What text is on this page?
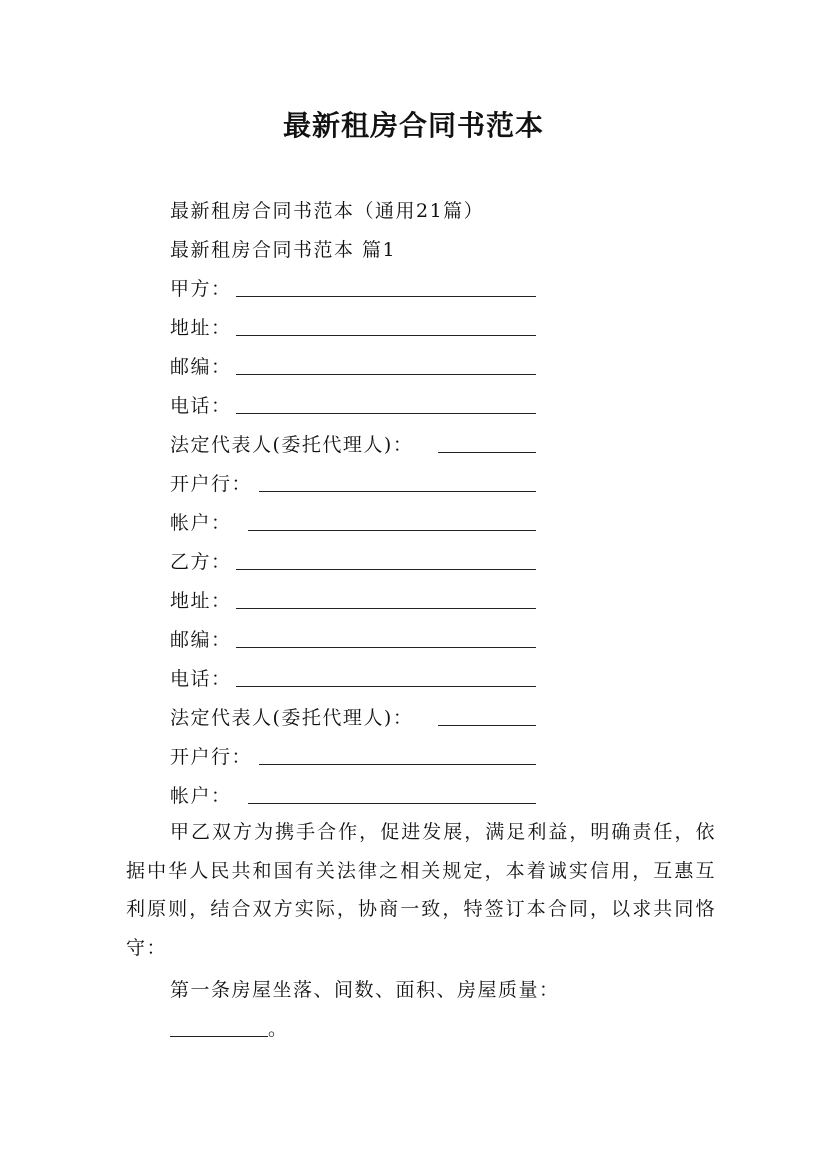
最新租房合同书范本
最新租房合同书范本（通用21篇）
最新租房合同书范本 篇1
甲方：
地址：
邮编：
电话：
法定代表人(委托代理人)：
开户行：
帐户：
乙方：
地址：
邮编：
电话：
法定代表人(委托代理人)：
开户行：
帐户：
甲乙双方为携手合作，促进发展，满足利益，明确责任，依据中华人民共和国有关法律之相关规定，本着诚实信用，互惠互利原则，结合双方实际，协商一致，特签订本合同，以求共同恪守：
第一条房屋坐落、间数、面积、房屋质量：
。
